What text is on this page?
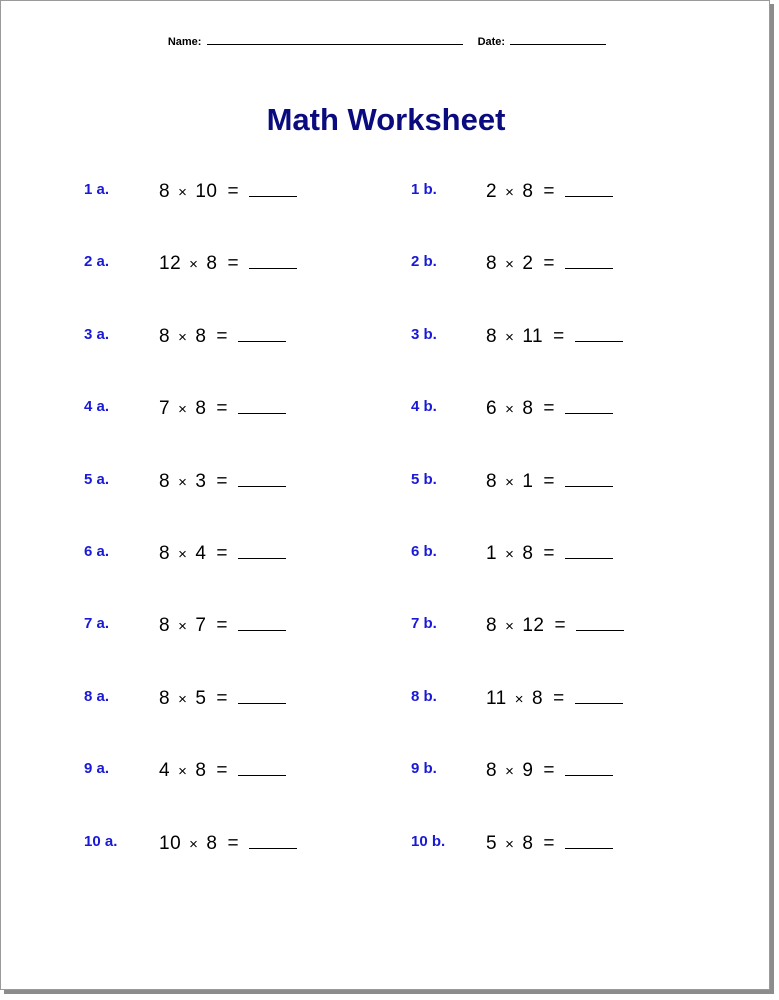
Name:	Date:
Math Worksheet
1 a.	8 × 10 =
2 a.	12 × 8 =
3 a.	8 × 8 =
4 a.	7 × 8 =
5 a.	8 × 3 =
6 a.	8 × 4 =
7 a.	8 × 7 =
8 a.	8 × 5 =
9 a.	4 × 8 =
10 a. 10 × 8 =
1 b.	2 × 8 =
2 b.	8 × 2 =
3 b.	8 × 11 =
4 b.	6 × 8 =
5 b.	8 × 1 =
6 b.	1 × 8 =
7 b.	8 × 12 =
8 b.	11 × 8 =
9 b.	8 × 9 =
10 b. 5 × 8 =
